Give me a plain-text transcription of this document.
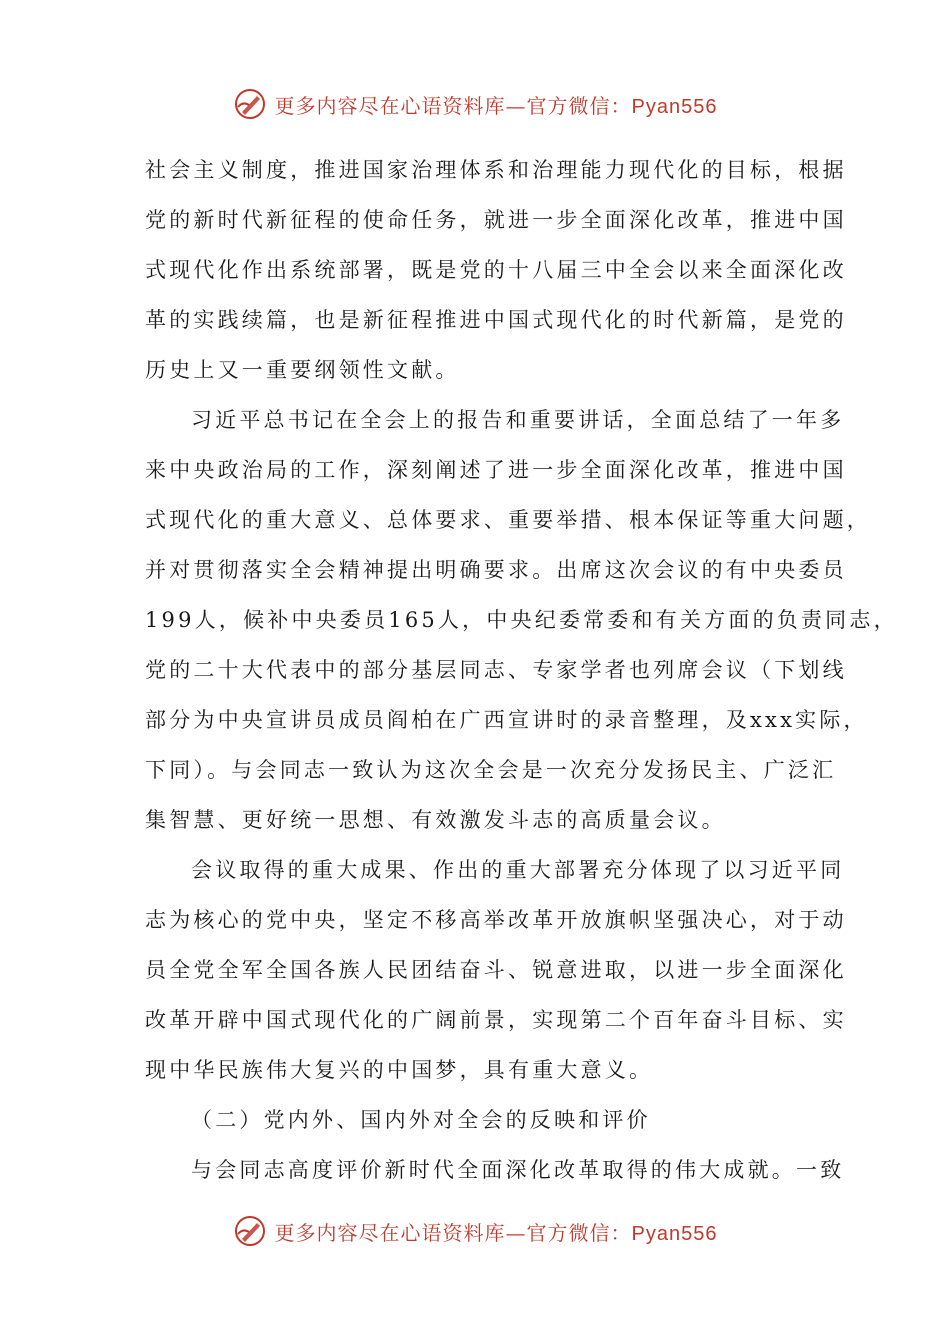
更多内容尽在心语资料库—官方微信：Pyan556
社会主义制度，推进国家治理体系和治理能力现代化的目标，根据
党的新时代新征程的使命任务，就进一步全面深化改革，推进中国
式现代化作出系统部署，既是党的十八届三中全会以来全面深化改
革的实践续篇，也是新征程推进中国式现代化的时代新篇，是党的
历史上又一重要纲领性文献。
习近平总书记在全会上的报告和重要讲话，全面总结了一年多
来中央政治局的工作，深刻阐述了进一步全面深化改革，推进中国
式现代化的重大意义、总体要求、重要举措、根本保证等重大问题，
并对贯彻落实全会精神提出明确要求。出席这次会议的有中央委员
199人，候补中央委员165人，中央纪委常委和有关方面的负责同志，
党的二十大代表中的部分基层同志、专家学者也列席会议（下划线
部分为中央宣讲员成员阎柏在广西宣讲时的录音整理，及xxx实际，
下同）。与会同志一致认为这次全会是一次充分发扬民主、广泛汇
集智慧、更好统一思想、有效激发斗志的高质量会议。
会议取得的重大成果、作出的重大部署充分体现了以习近平同
志为核心的党中央，坚定不移高举改革开放旗帜坚强决心，对于动
员全党全军全国各族人民团结奋斗、锐意进取，以进一步全面深化
改革开辟中国式现代化的广阔前景，实现第二个百年奋斗目标、实
现中华民族伟大复兴的中国梦，具有重大意义。
（二）党内外、国内外对全会的反映和评价
与会同志高度评价新时代全面深化改革取得的伟大成就。一致
更多内容尽在心语资料库—官方微信：Pyan556
